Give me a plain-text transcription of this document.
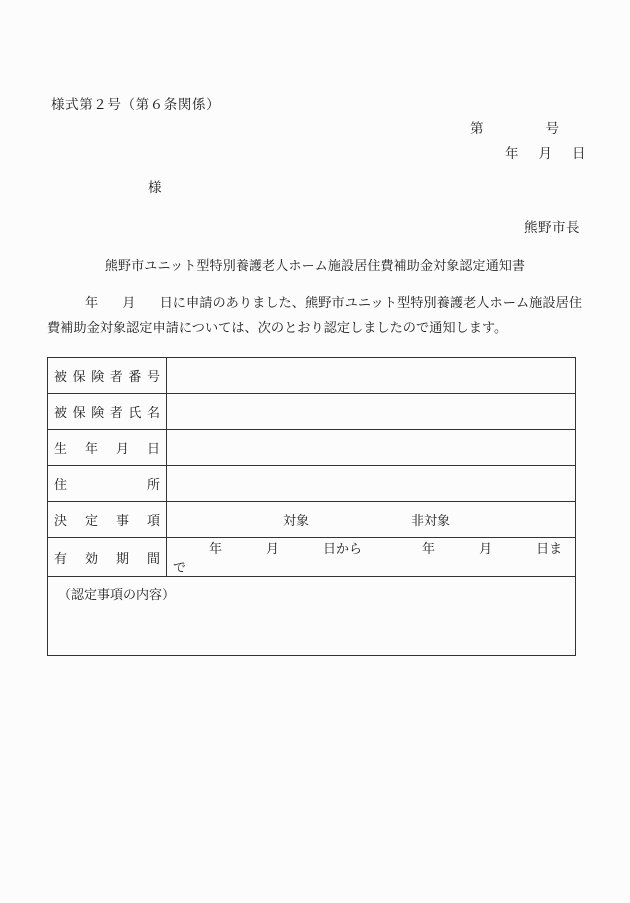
様式第２号（第６条関係）
第	号
年 月 日
様
熊野市長
熊野市ユニット型特別養護老人ホーム施設居住費補助金対象認定通知書
年 月 日に申請のありました、熊野市ユニット型特別養護老人ホーム施設居住費補助金対象認定申請については、次のとおり認定しましたので通知します。
被 保 険 者 番 号

被 保 険 者 氏 名

生 年 月 日	

住 所	

決 定 事 項	対象 非対象

有 効 期 間	年 月 日から 年 月 日まで
（認定事項の内容）	
